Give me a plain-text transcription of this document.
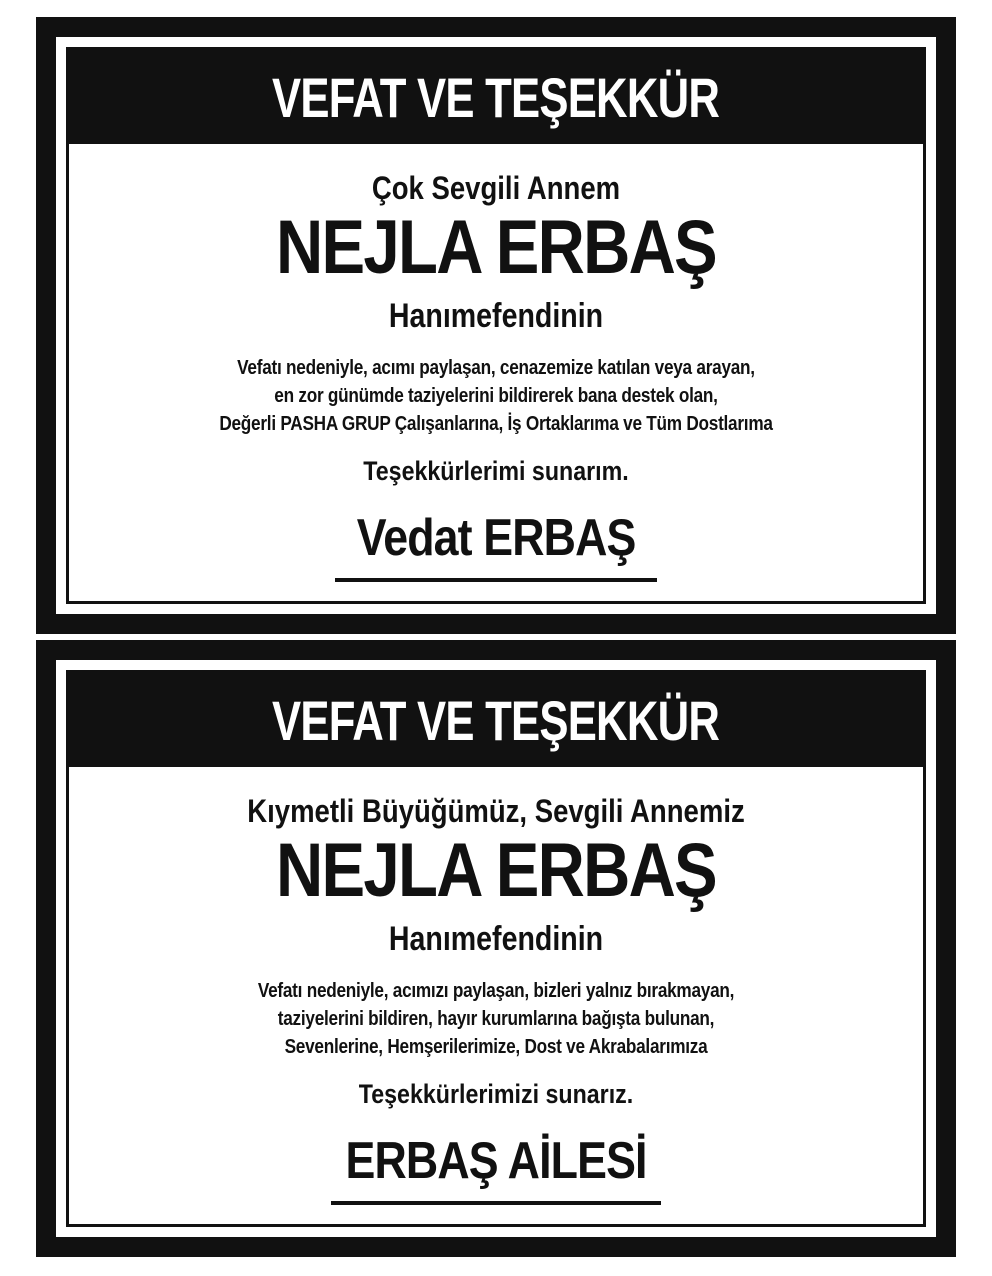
VEFAT VE TEŞEKKÜR
Çok Sevgili Annem
NEJLA ERBAŞ
Hanımefendinin
Vefatı nedeniyle, acımı paylaşan, cenazemize katılan veya arayan,
en zor günümde taziyelerini bildirerek bana destek olan,
Değerli PASHA GRUP Çalışanlarına, İş Ortaklarıma ve Tüm Dostlarıma
Teşekkürlerimi sunarım.
Vedat ERBAŞ
VEFAT VE TEŞEKKÜR
Kıymetli Büyüğümüz, Sevgili Annemiz
NEJLA ERBAŞ
Hanımefendinin
Vefatı nedeniyle, acımızı paylaşan, bizleri yalnız bırakmayan,
taziyelerini bildiren, hayır kurumlarına bağışta bulunan,
Sevenlerine, Hemşerilerimize, Dost ve Akrabalarımıza
Teşekkürlerimizi sunarız.
ERBAŞ AİLESİ
